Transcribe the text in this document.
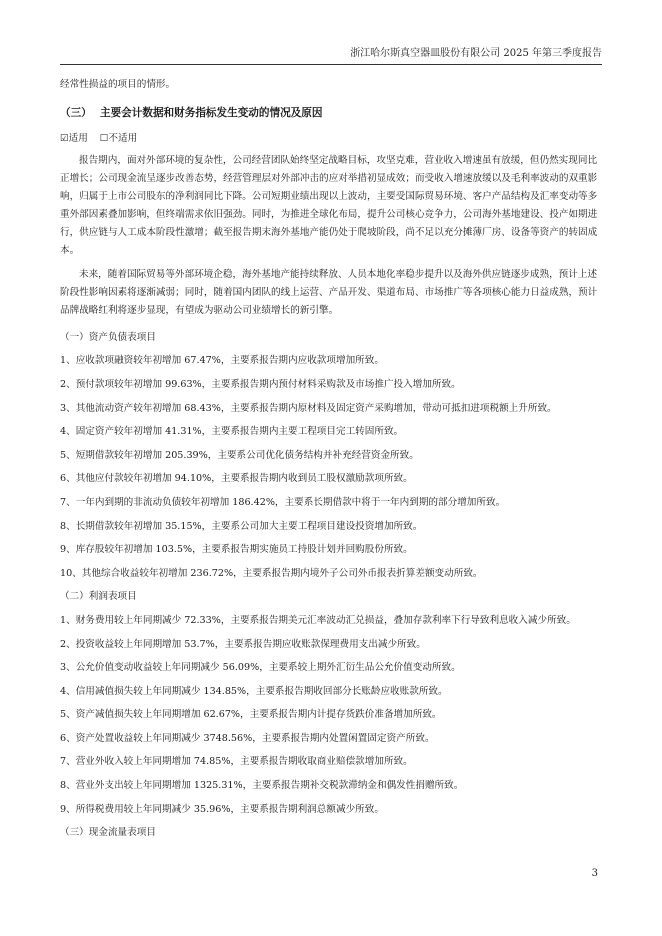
浙江哈尔斯真空器皿股份有限公司 2025 年第三季度报告

经常性损益的项目的情形。

（三） 主要会计数据和财务指标发生变动的情况及原因
☑适用 ☐不适用

报告期内，面对外部环境的复杂性，公司经营团队始终坚定战略目标，攻坚克难，营业收入增速虽有放缓，但仍然实现同比正增长；公司现金流呈逐步改善态势，经营管理层对外部冲击的应对举措初显成效；而受收入增速放缓以及毛利率波动的双重影响，归属于上市公司股东的净利润同比下降。公司短期业绩出现以上波动，主要受国际贸易环境、客户产品结构及汇率变动等多重外部因素叠加影响，但终端需求依旧强劲。同时，为推进全球化布局，提升公司核心竞争力，公司海外基地建设、投产如期进行，供应链与人工成本阶段性激增；截至报告期末海外基地产能仍处于爬坡阶段，尚不足以充分摊薄厂房、设备等资产的转固成本。

未来，随着国际贸易等外部环境企稳，海外基地产能持续释放、人员本地化率稳步提升以及海外供应链逐步成熟，预计上述阶段性影响因素将逐渐减弱；同时，随着国内团队的线上运营、产品开发、渠道布局、市场推广等各项核心能力日益成熟，预计品牌战略红利将逐步显现，有望成为驱动公司业绩增长的新引擎。

（一）资产负债表项目

1、应收款项融资较年初增加 67.47%，主要系报告期内应收款项增加所致。

2、预付款项较年初增加 99.63%，主要系报告期内预付材料采购款及市场推广投入增加所致。

3、其他流动资产较年初增加 68.43%，主要系报告期内原材料及固定资产采购增加，带动可抵扣进项税额上升所致。

4、固定资产较年初增加 41.31%，主要系报告期内主要工程项目完工转固所致。

5、短期借款较年初增加 205.39%，主要系公司优化债务结构并补充经营资金所致。

6、其他应付款较年初增加 94.10%，主要系报告期内收到员工股权激励款项所致。

7、一年内到期的非流动负债较年初增加 186.42%，主要系长期借款中将于一年内到期的部分增加所致。

8、长期借款较年初增加 35.15%，主要系公司加大主要工程项目建设投资增加所致。

9、库存股较年初增加 103.5%，主要系报告期实施员工持股计划并回购股份所致。

10、其他综合收益较年初增加 236.72%，主要系报告期内境外子公司外币报表折算差额变动所致。

（二）利润表项目

1、财务费用较上年同期减少 72.33%，主要系报告期美元汇率波动汇兑损益，叠加存款利率下行导致利息收入减少所致。

2、投资收益较上年同期增加 53.7%，主要系报告期应收账款保理费用支出减少所致。

3、公允价值变动收益较上年同期减少 56.09%，主要系较上期外汇衍生品公允价值变动所致。

4、信用减值损失较上年同期减少 134.85%，主要系报告期收回部分长账龄应收账款所致。

5、资产减值损失较上年同期增加 62.67%，主要系报告期内计提存货跌价准备增加所致。

6、资产处置收益较上年同期减少 3748.56%，主要系报告期内处置闲置固定资产所致。

7、营业外收入较上年同期增加 74.85%，主要系报告期收取商业赔偿款增加所致。

8、营业外支出较上年同期增加 1325.31%，主要系报告期补交税款滞纳金和偶发性捐赠所致。

9、所得税费用较上年同期减少 35.96%，主要系报告期利润总额减少所致。

（三）现金流量表项目

3
